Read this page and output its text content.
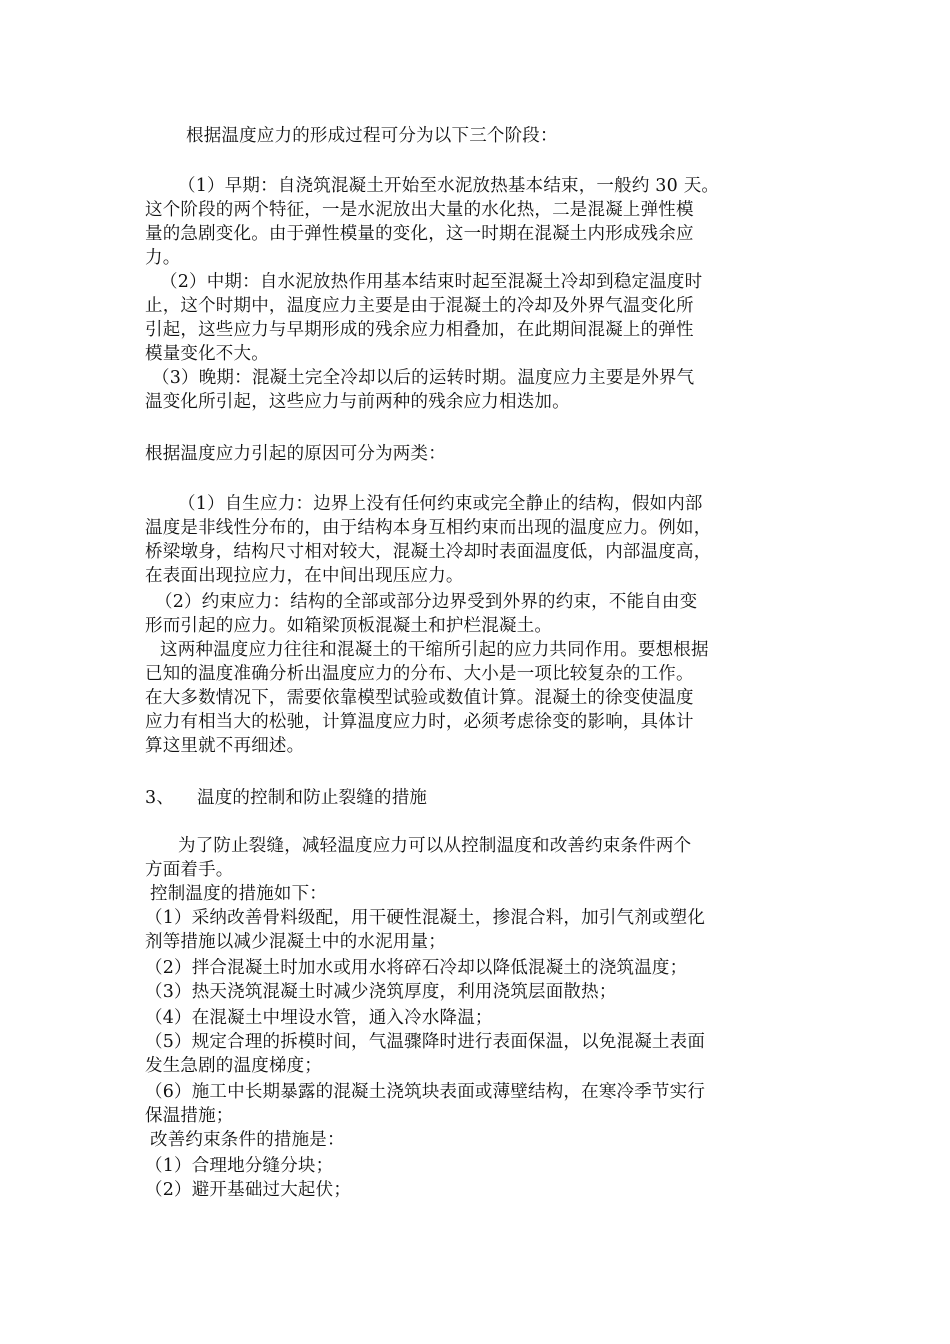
根据温度应力的形成过程可分为以下三个阶段：
（1）早期：自浇筑混凝土开始至水泥放热基本结束，一般约 30 天。
这个阶段的两个特征，一是水泥放出大量的水化热，二是混凝上弹性模
量的急剧变化。由于弹性模量的变化，这一时期在混凝土内形成残余应
力。
（2）中期：自水泥放热作用基本结束时起至混凝土冷却到稳定温度时
止，这个时期中，温度应力主要是由于混凝土的冷却及外界气温变化所
引起，这些应力与早期形成的残余应力相叠加，在此期间混凝上的弹性
模量变化不大。
（3）晚期：混凝土完全冷却以后的运转时期。温度应力主要是外界气
温变化所引起，这些应力与前两种的残余应力相迭加。
根据温度应力引起的原因可分为两类：
（1）自生应力：边界上没有任何约束或完全静止的结构，假如内部
温度是非线性分布的，由于结构本身互相约束而出现的温度应力。例如，
桥梁墩身，结构尺寸相对较大，混凝土冷却时表面温度低，内部温度高，
在表面出现拉应力，在中间出现压应力。
（2）约束应力：结构的全部或部分边界受到外界的约束，不能自由变
形而引起的应力。如箱梁顶板混凝土和护栏混凝土。
这两种温度应力往往和混凝土的干缩所引起的应力共同作用。要想根据
已知的温度准确分析出温度应力的分布、大小是一项比较复杂的工作。
在大多数情况下，需要依靠模型试验或数值计算。混凝土的徐变使温度
应力有相当大的松驰，计算温度应力时，必须考虑徐变的影响，具体计
算这里就不再细述。
3、 温度的控制和防止裂缝的措施
为了防止裂缝，减轻温度应力可以从控制温度和改善约束条件两个
方面着手。
控制温度的措施如下：
（1）采纳改善骨料级配，用干硬性混凝土，掺混合料，加引气剂或塑化
剂等措施以减少混凝土中的水泥用量；
（2）拌合混凝土时加水或用水将碎石冷却以降低混凝土的浇筑温度；
（3）热天浇筑混凝土时减少浇筑厚度，利用浇筑层面散热；
（4）在混凝土中埋设水管，通入冷水降温；
（5）规定合理的拆模时间，气温骤降时进行表面保温，以免混凝土表面
发生急剧的温度梯度；
（6）施工中长期暴露的混凝土浇筑块表面或薄壁结构，在寒冷季节实行
保温措施；
改善约束条件的措施是：
（1）合理地分缝分块；
（2）避开基础过大起伏；
